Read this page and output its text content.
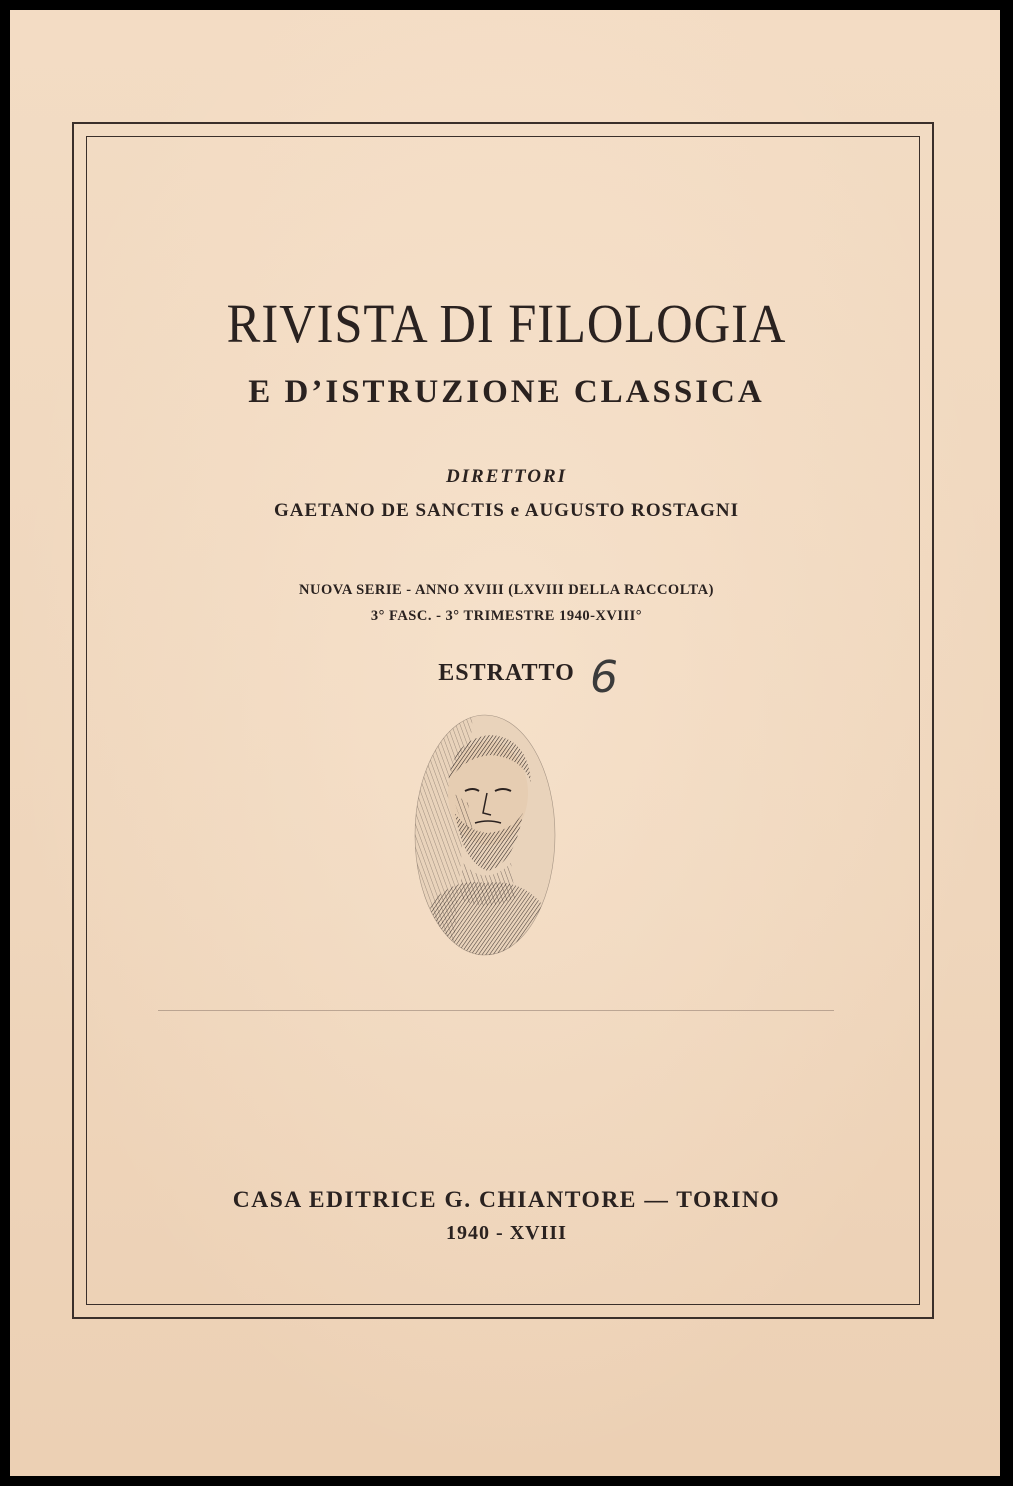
RIVISTA DI FILOLOGIA
E D’ISTRUZIONE CLASSICA
DIRETTORI
GAETANO DE SANCTIS e AUGUSTO ROSTAGNI
NUOVA SERIE - ANNO XVIII (LXVIII DELLA RACCOLTA)
3° FASC. - 3° TRIMESTRE 1940-XVIII°
ESTRATTO 6
CASA EDITRICE G. CHIANTORE — TORINO
1940 - XVIII
